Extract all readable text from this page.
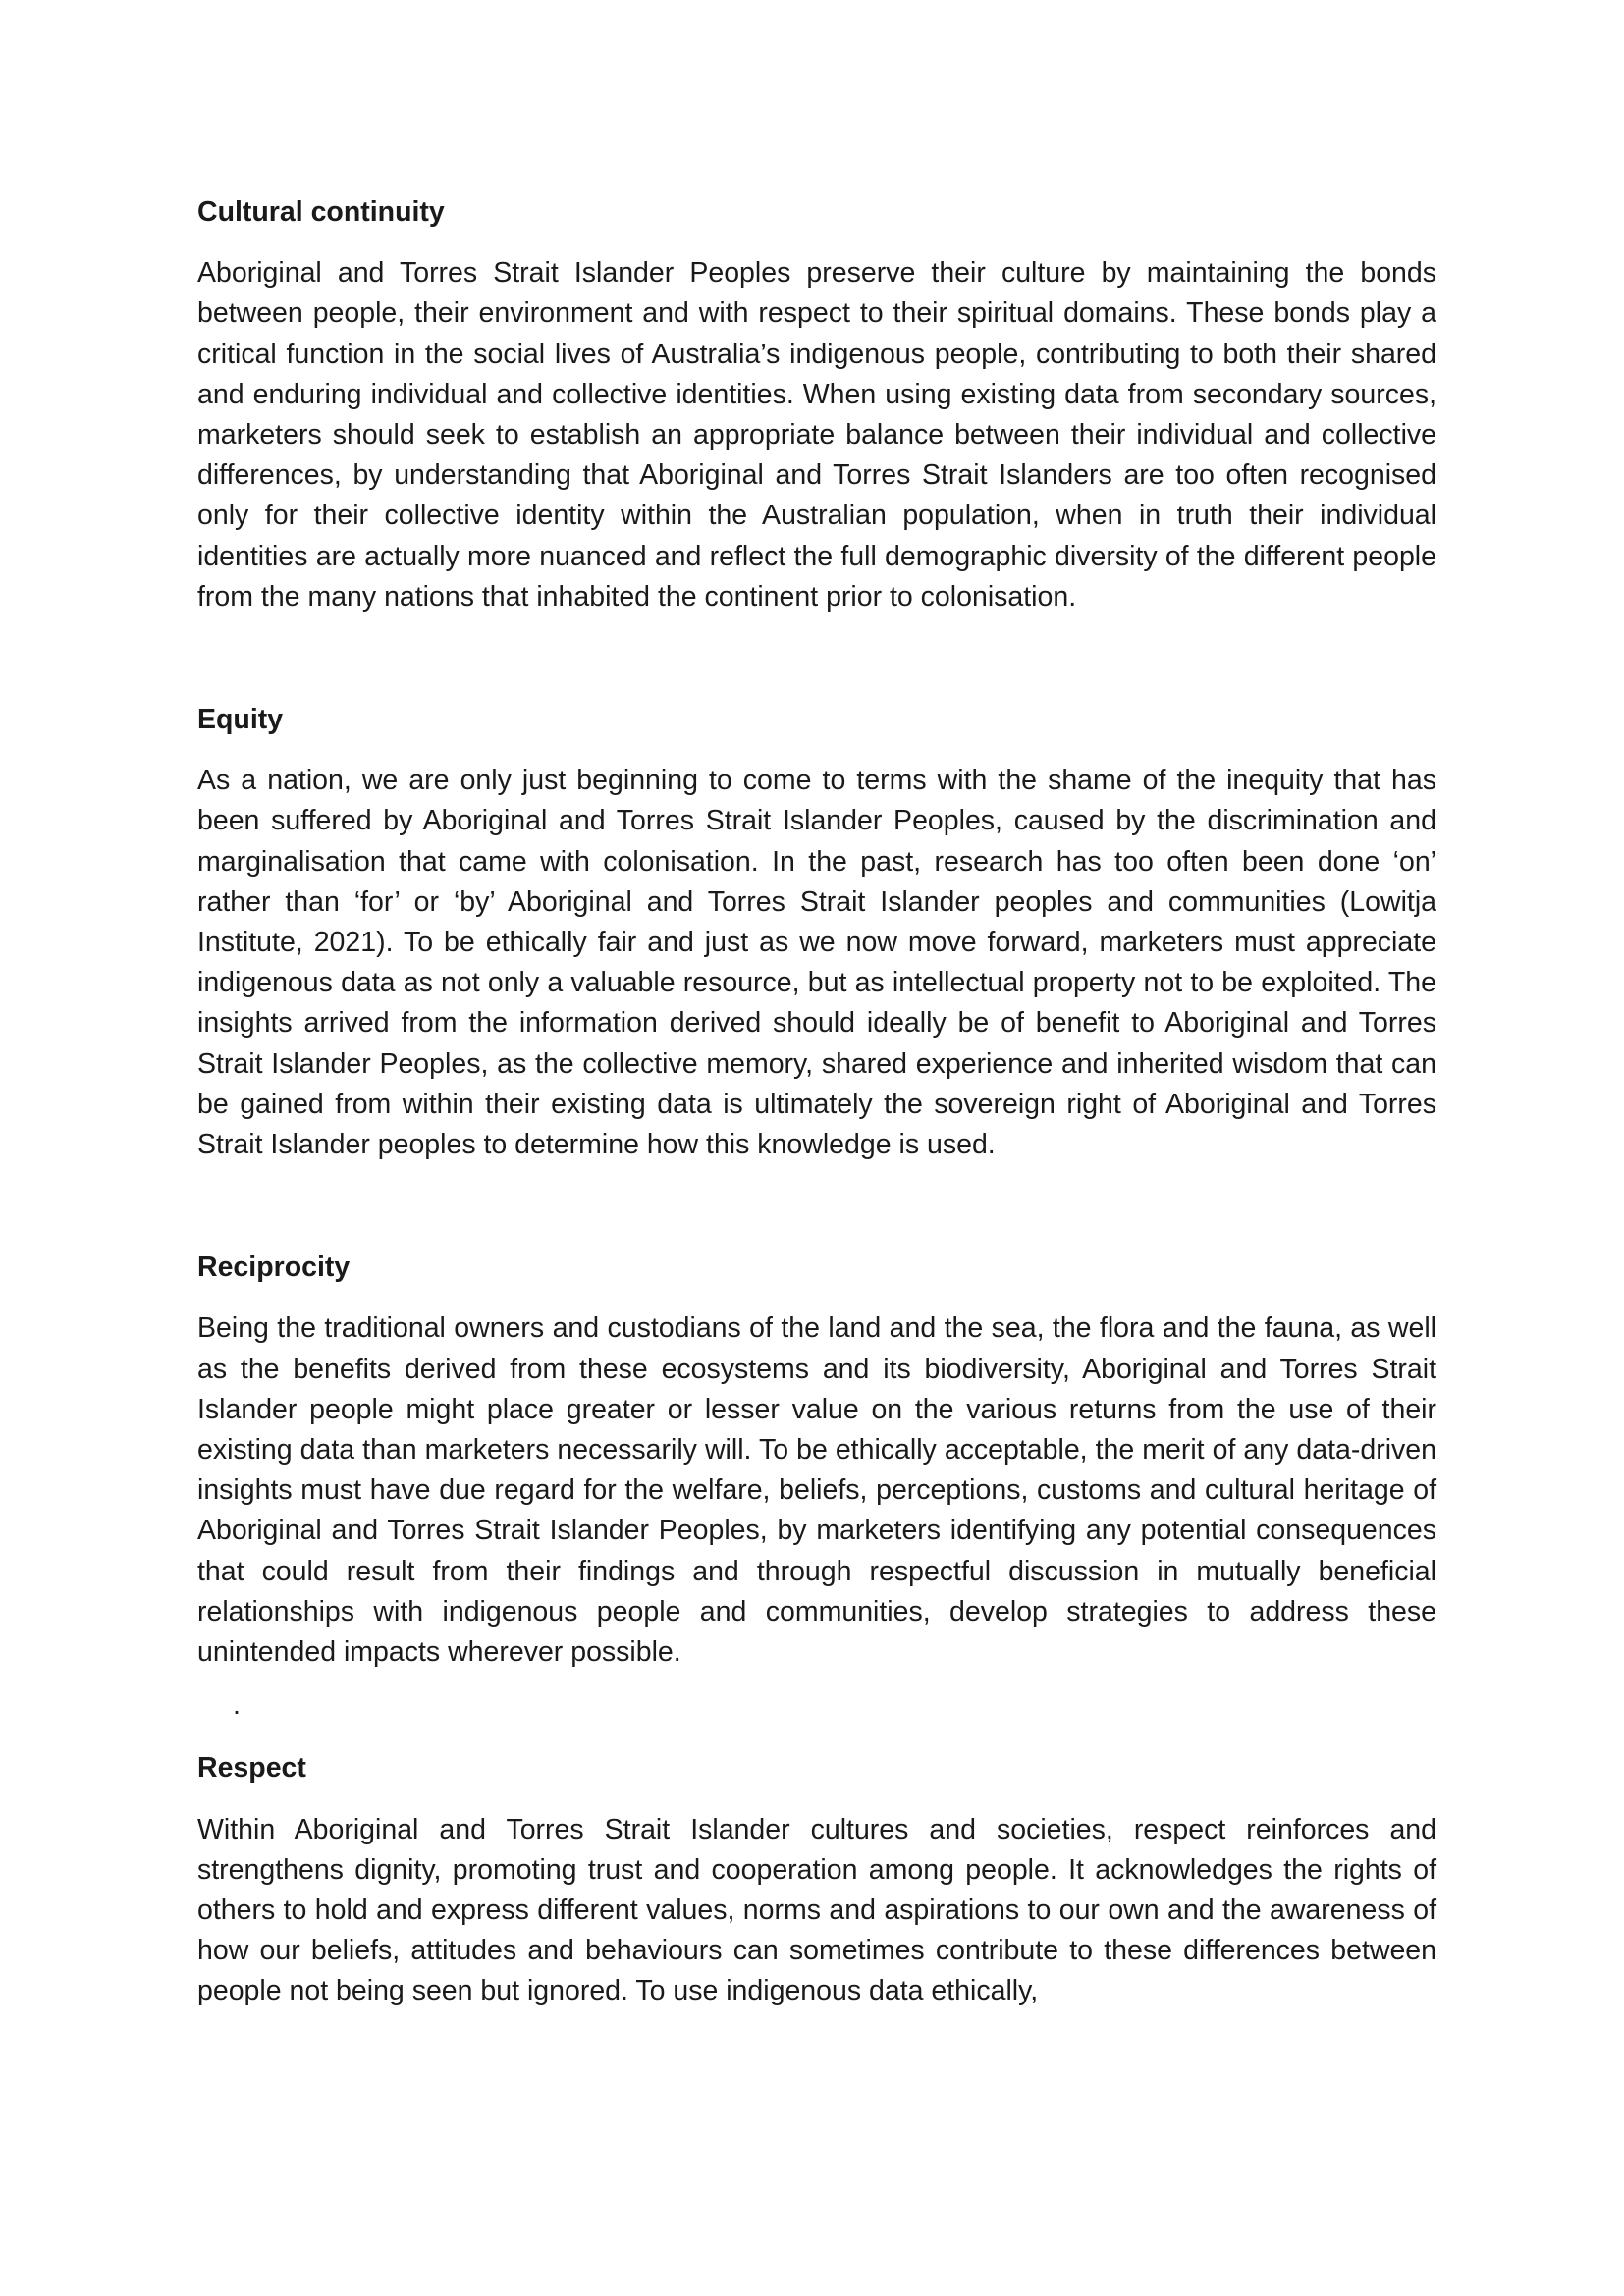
Cultural continuity

Aboriginal and Torres Strait Islander Peoples preserve their culture by maintaining the bonds between people, their environment and with respect to their spiritual domains. These bonds play a critical function in the social lives of Australia’s indigenous people, contributing to both their shared and enduring individual and collective identities. When using existing data from secondary sources, marketers should seek to establish an appropriate balance between their individual and collective differences, by understanding that Aboriginal and Torres Strait Islanders are too often recognised only for their collective identity within the Australian population, when in truth their individual identities are actually more nuanced and reflect the full demographic diversity of the different people from the many nations that inhabited the continent prior to colonisation.

Equity

As a nation, we are only just beginning to come to terms with the shame of the inequity that has been suffered by Aboriginal and Torres Strait Islander Peoples, caused by the discrimination and marginalisation that came with colonisation. In the past, research has too often been done ‘on’ rather than ‘for’ or ‘by’ Aboriginal and Torres Strait Islander peoples and communities (Lowitja Institute, 2021). To be ethically fair and just as we now move forward, marketers must appreciate indigenous data as not only a valuable resource, but as intellectual property not to be exploited. The insights arrived from the information derived should ideally be of benefit to Aboriginal and Torres Strait Islander Peoples, as the collective memory, shared experience and inherited wisdom that can be gained from within their existing data is ultimately the sovereign right of Aboriginal and Torres Strait Islander peoples to determine how this knowledge is used.

Reciprocity

Being the traditional owners and custodians of the land and the sea, the flora and the fauna, as well as the benefits derived from these ecosystems and its biodiversity, Aboriginal and Torres Strait Islander people might place greater or lesser value on the various returns from the use of their existing data than marketers necessarily will. To be ethically acceptable, the merit of any data-driven insights must have due regard for the welfare, beliefs, perceptions, customs and cultural heritage of Aboriginal and Torres Strait Islander Peoples, by marketers identifying any potential consequences that could result from their findings and through respectful discussion in mutually beneficial relationships with indigenous people and communities, develop strategies to address these unintended impacts wherever possible.

.
Respect

Within Aboriginal and Torres Strait Islander cultures and societies, respect reinforces and strengthens dignity, promoting trust and cooperation among people. It acknowledges the rights of others to hold and express different values, norms and aspirations to our own and the awareness of how our beliefs, attitudes and behaviours can sometimes contribute to these differences between people not being seen but ignored. To use indigenous data ethically,
